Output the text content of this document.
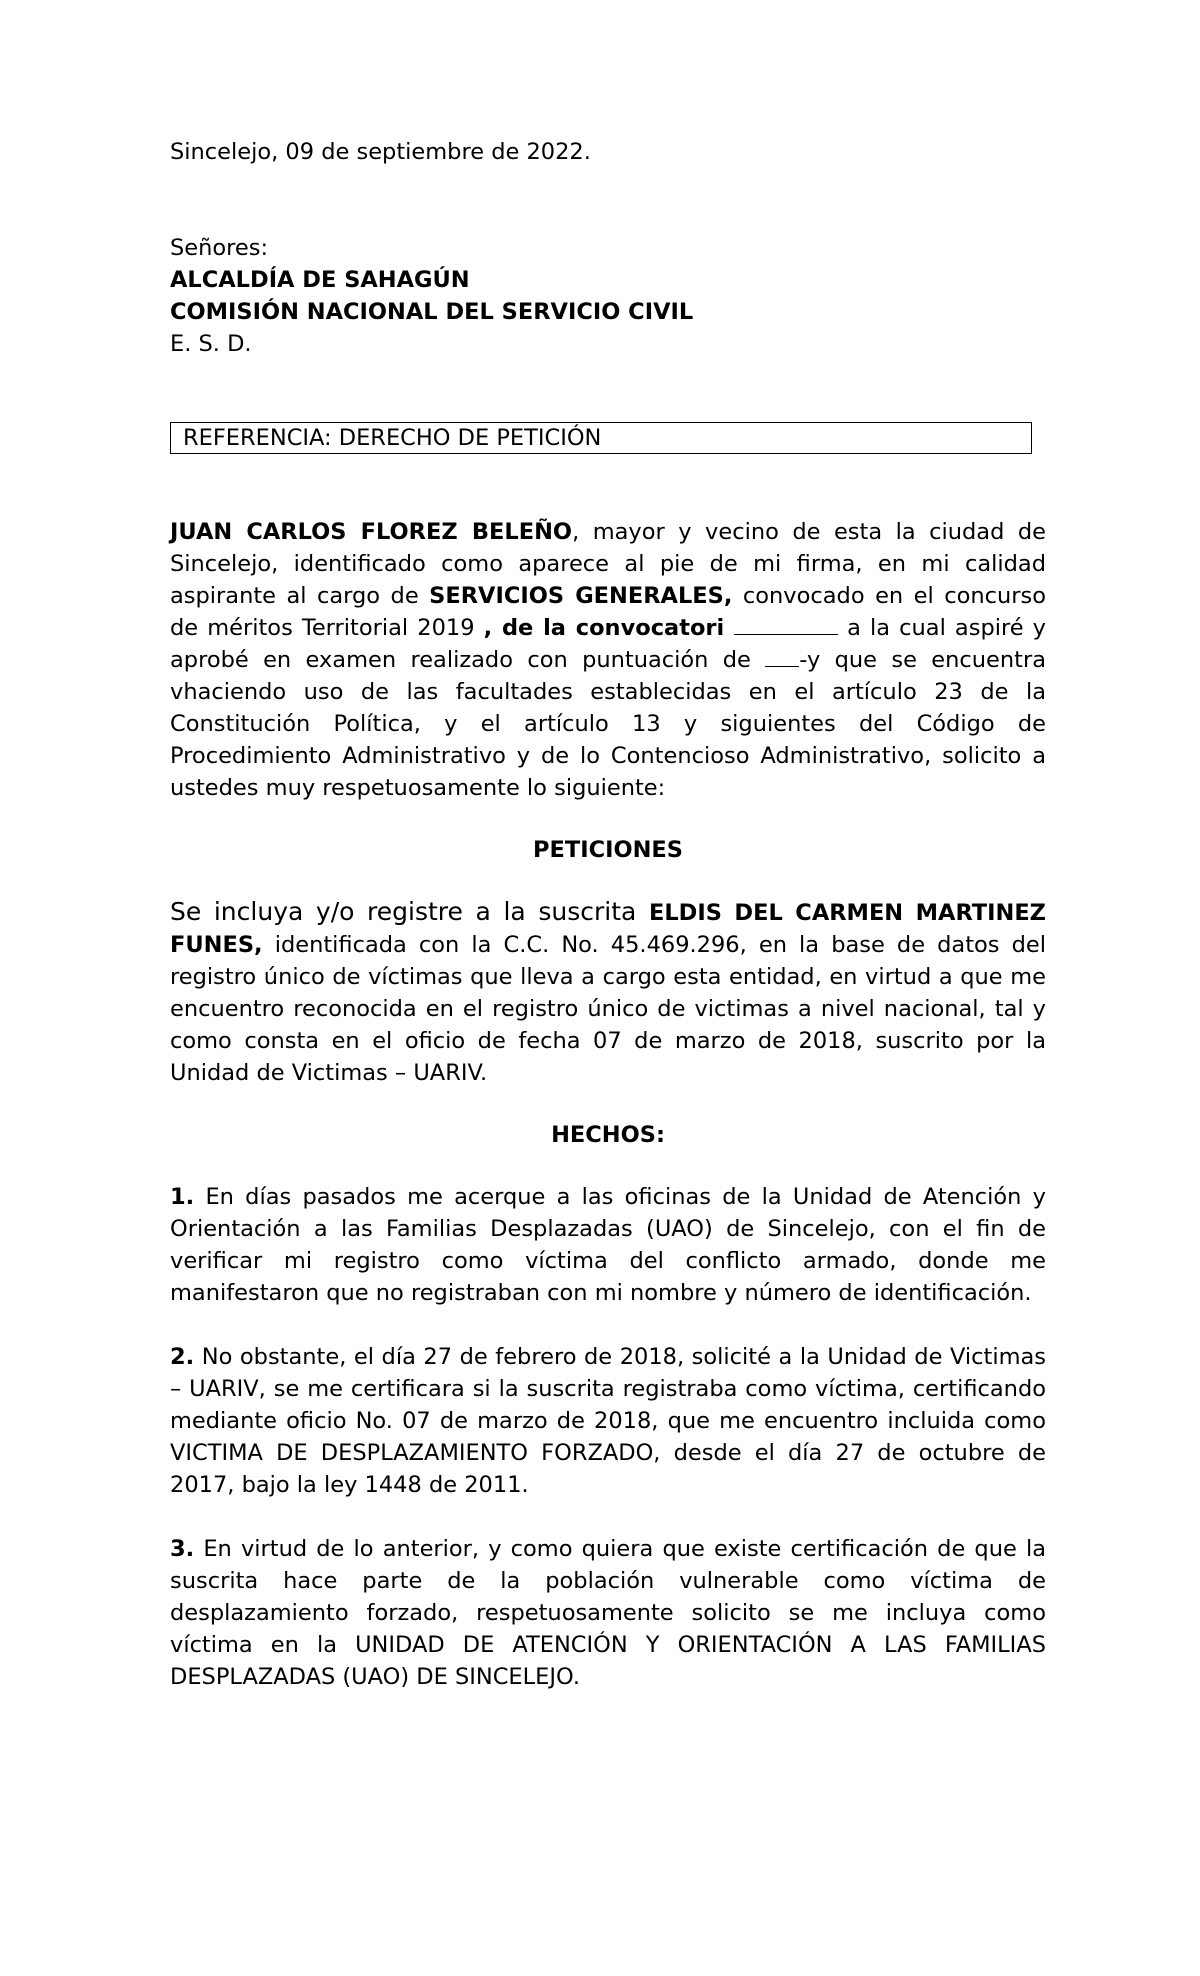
Sincelejo, 09 de septiembre de 2022.

Señores:

ALCALDÍA DE SAHAGÚN

COMISIÓN NACIONAL DEL SERVICIO CIVIL

E. S. D.

REFERENCIA: DERECHO DE PETICIÓN

JUAN CARLOS FLOREZ BELEÑO, mayor y vecino de esta la ciudad de Sincelejo, identificado como aparece al pie de mi firma, en mi calidad aspirante al cargo de SERVICIOS GENERALES, convocado en el concurso de méritos Territorial 2019 , de la convocatori	a la cual aspiré y aprobé en examen realizado con puntuación de -y que se encuentra vhaciendo uso de las facultades establecidas en el artículo 23 de la Constitución Política, y el artículo 13 y siguientes del Código de Procedimiento Administrativo y de lo Contencioso Administrativo, solicito a ustedes muy respetuosamente lo siguiente:

PETICIONES

Se incluya y/o registre a la suscrita ELDIS DEL CARMEN MARTINEZ FUNES, identificada con la C.C. No. 45.469.296, en la base de datos del registro único de víctimas que lleva a cargo esta entidad, en virtud a que me encuentro reconocida en el registro único de victimas a nivel nacional, tal y como consta en el oficio de fecha 07 de marzo de 2018, suscrito por la Unidad de Victimas – UARIV.

HECHOS:

1. En días pasados me acerque a las oficinas de la Unidad de Atención y Orientación a las Familias Desplazadas (UAO) de Sincelejo, con el fin de verificar mi registro como víctima del conflicto armado, donde me manifestaron que no registraban con mi nombre y número de identificación.

2. No obstante, el día 27 de febrero de 2018, solicité a la Unidad de Victimas – UARIV, se me certificara si la suscrita registraba como víctima, certificando mediante oficio No. 07 de marzo de 2018, que me encuentro incluida como VICTIMA DE DESPLAZAMIENTO FORZADO, desde el día 27 de octubre de 2017, bajo la ley 1448 de 2011.

3. En virtud de lo anterior, y como quiera que existe certificación de que la suscrita hace parte de la población vulnerable como víctima de desplazamiento forzado, respetuosamente solicito se me incluya como víctima en la UNIDAD DE ATENCIÓN Y ORIENTACIÓN A LAS FAMILIAS DESPLAZADAS (UAO) DE SINCELEJO.
